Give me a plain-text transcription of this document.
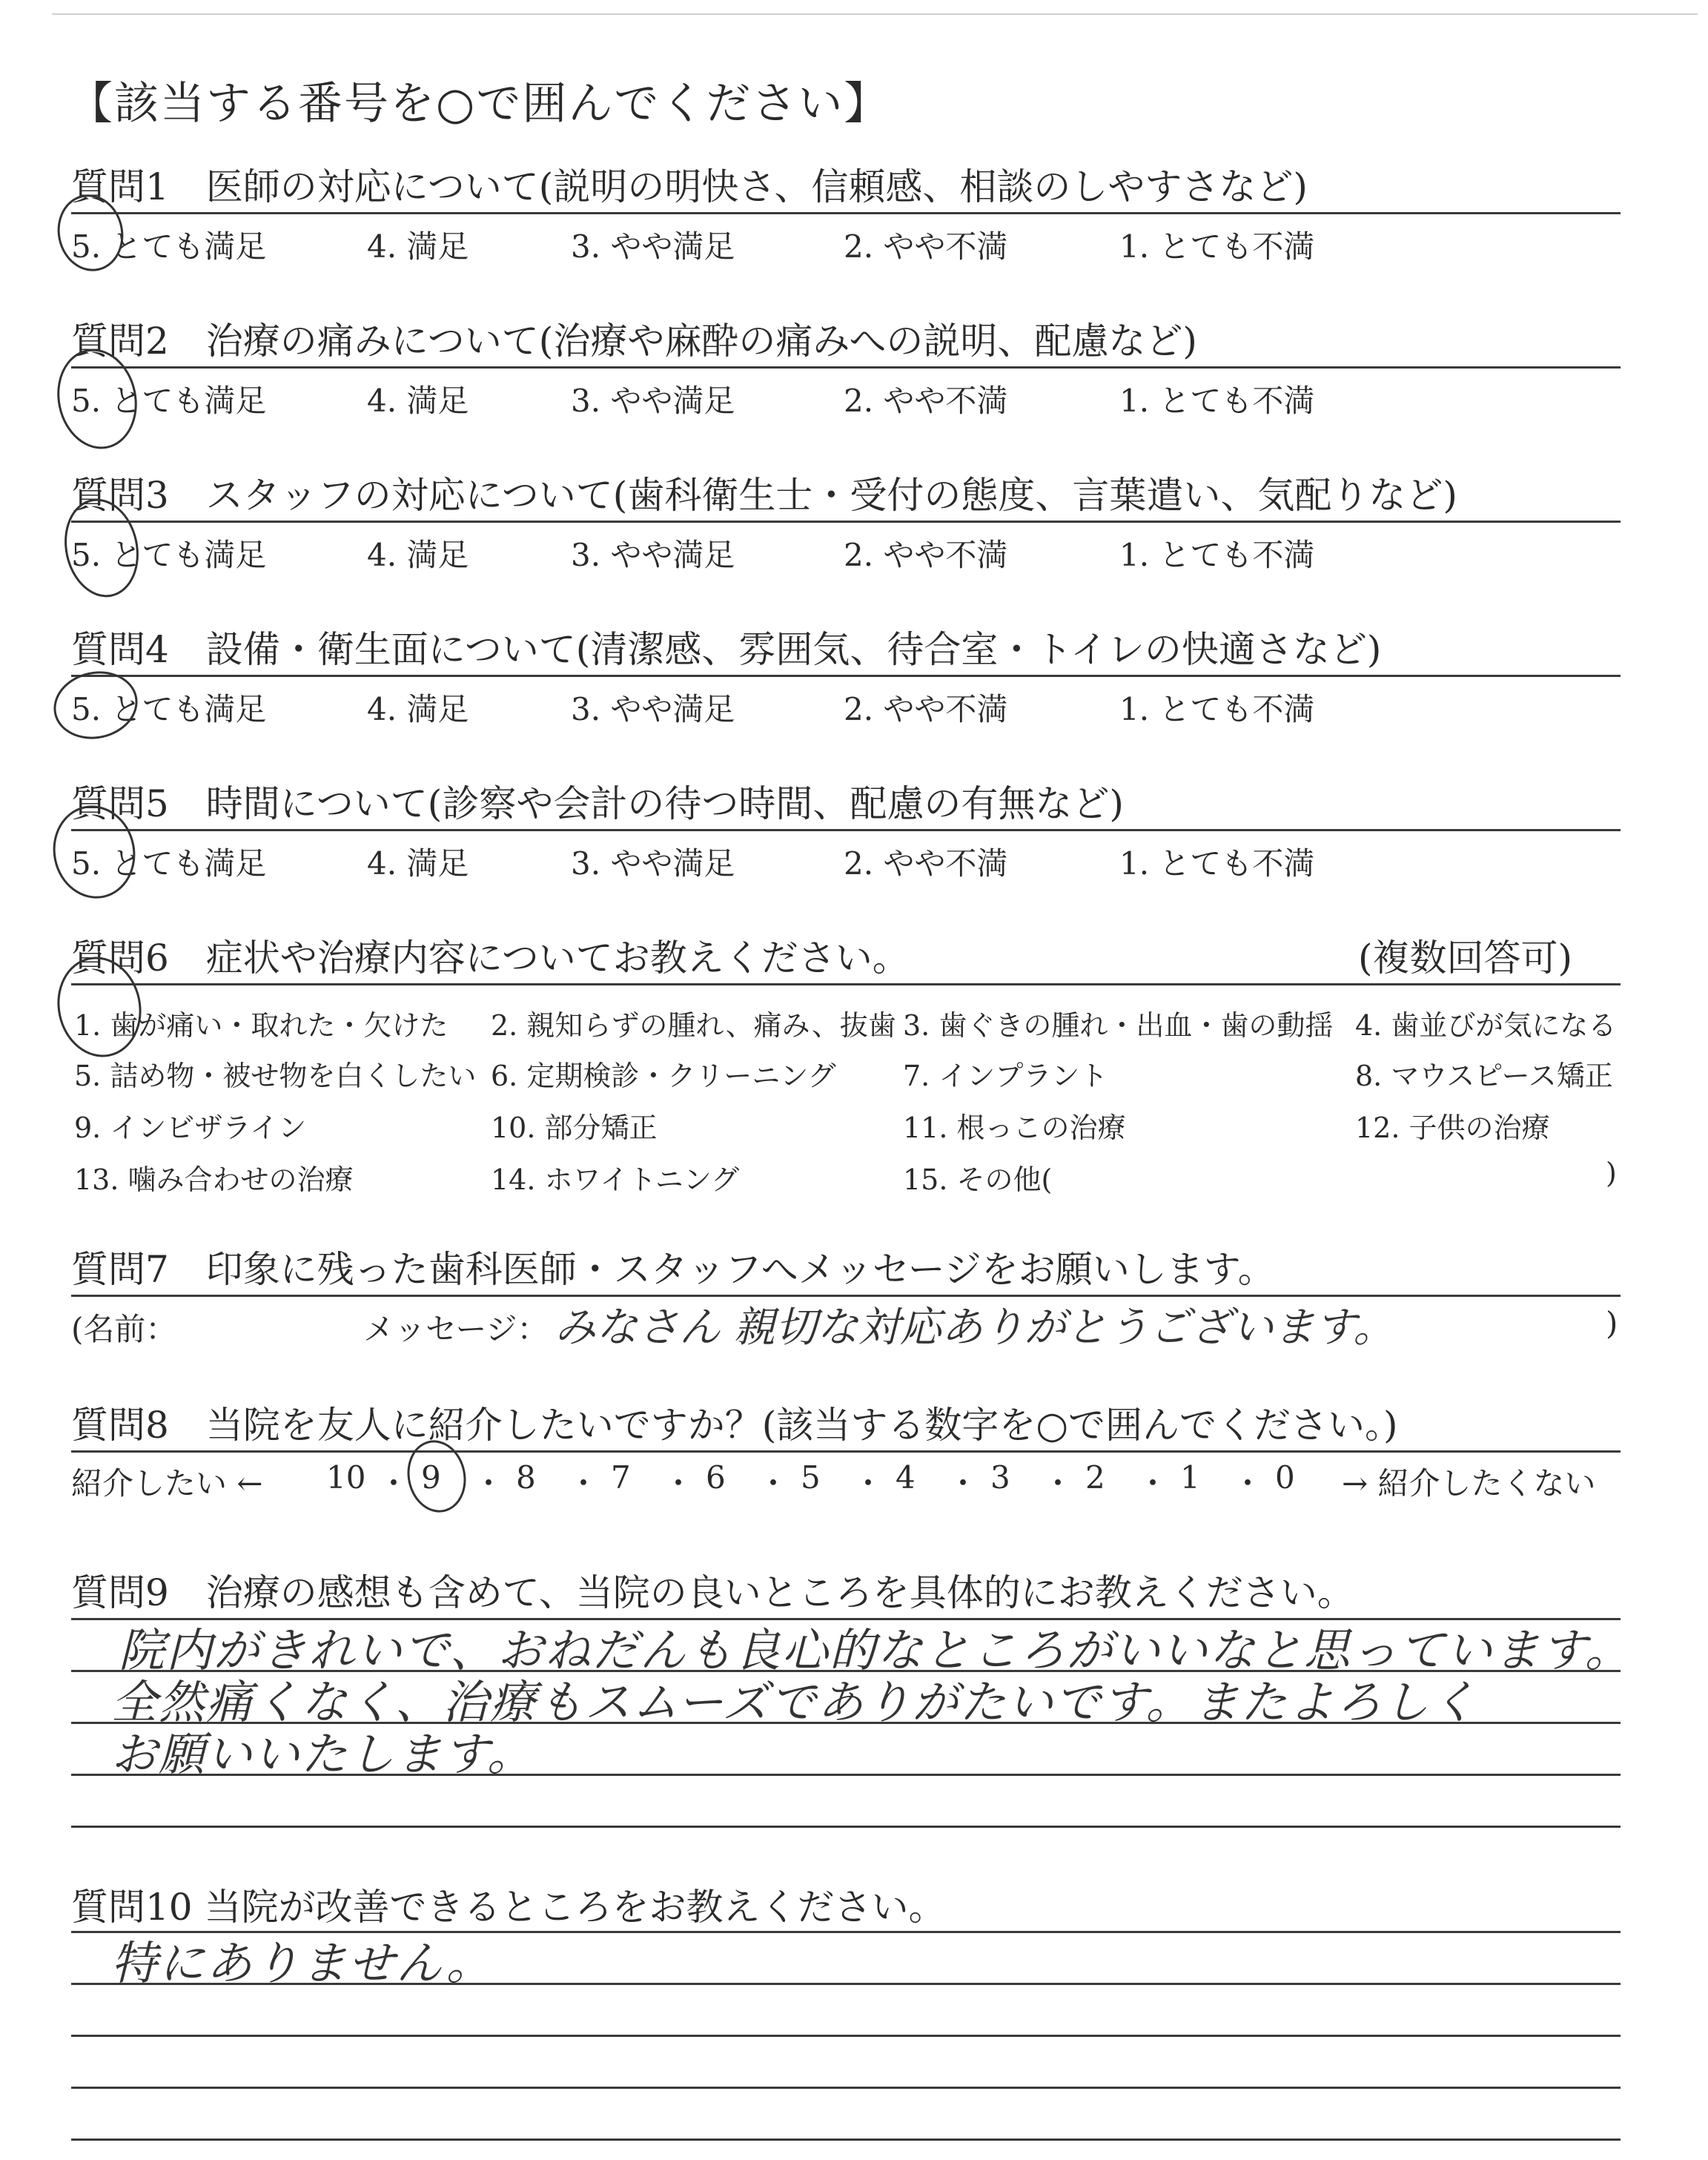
【該当する番号を○で囲んでください】
質問1　医師の対応について(説明の明快さ、信頼感、相談のしやすさなど)
5. とても満足	4. 満足	3. やや満足	2. やや不満	1. とても不満
質問2　治療の痛みについて(治療や麻酔の痛みへの説明、配慮など)
5. とても満足	4. 満足	3. やや満足	2. やや不満	1. とても不満
質問3　スタッフの対応について(歯科衛生士・受付の態度、言葉遣い、気配りなど)
5. とても満足	4. 満足	3. やや満足	2. やや不満	1. とても不満
質問4　設備・衛生面について(清潔感、雰囲気、待合室・トイレの快適さなど)
5. とても満足	4. 満足	3. やや満足	2. やや不満	1. とても不満
質問5　時間について(診察や会計の待つ時間、配慮の有無など)
5. とても満足	4. 満足	3. やや満足	2. やや不満	1. とても不満
質問6　症状や治療内容についてお教えください。	(複数回答可)
1. 歯が痛い・取れた・欠けた 2. 親知らずの腫れ、痛み、抜歯 3. 歯ぐきの腫れ・出血・歯の動揺 4. 歯並びが気になる
5. 詰め物・被せ物を白くしたい 6. 定期検診・クリーニング 7. インプラント	8. マウスピース矯正
9. インビザライン	10. 部分矯正	11. 根っこの治療	12. 子供の治療
13. 噛み合わせの治療	14. ホワイトニング	15. その他(	)
質問7　印象に残った歯科医師・スタッフへメッセージをお願いします。
(名前：	メッセージ： みなさん 親切な対応ありがとうございます。	)
質問8　当院を友人に紹介したいですか？(該当する数字を○で囲んでください。)
紹介したい ← 10 ・ 9 ・ 8 ・ 7 ・ 6 ・ 5 ・ 4 ・ 3 ・ 2 ・ 1 ・ 0 → 紹介したくない
質問9　治療の感想も含めて、当院の良いところを具体的にお教えください。
院内がきれいで、おねだんも良心的なところがいいなと思っています。
全然痛くなく、治療もスムーズでありがたいです。またよろしく
お願いいたします。
質問10 当院が改善できるところをお教えください。
特にありません。
